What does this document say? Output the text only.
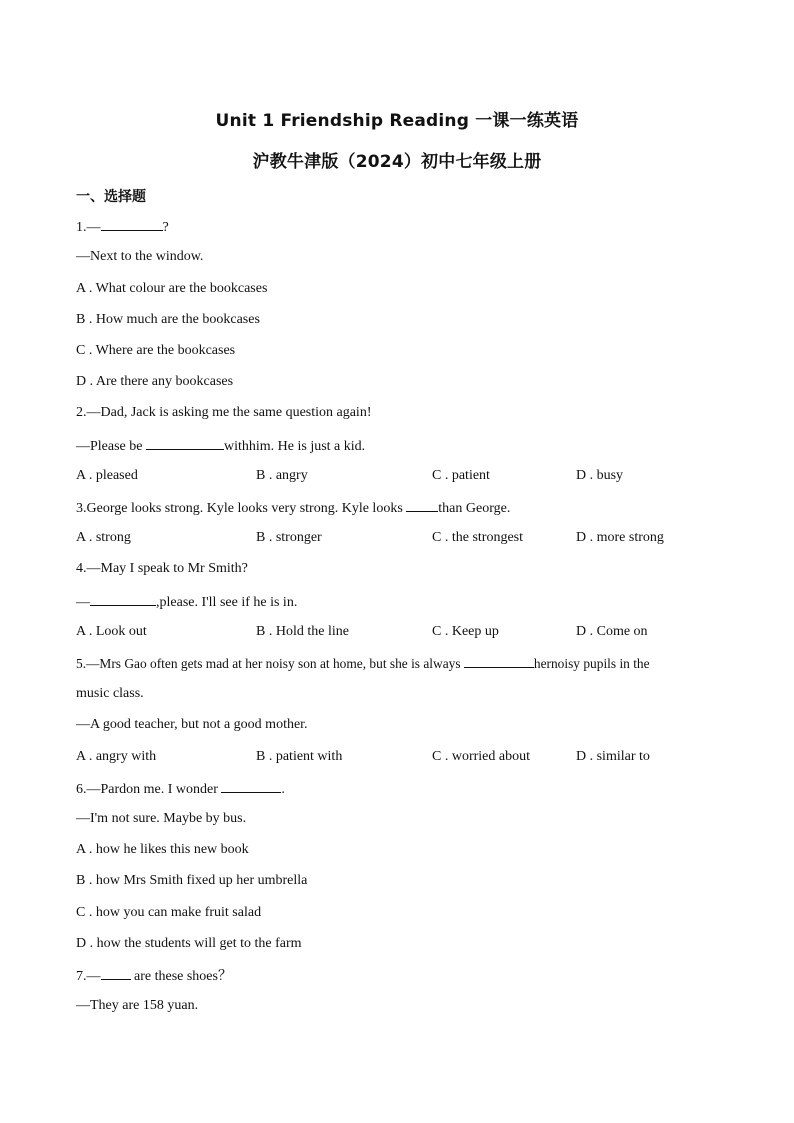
Unit 1 Friendship Reading 一课一练英语
沪教牛津版（2024）初中七年级上册
一、选择题
1.—	?
—Next to the window.
A . What colour are the bookcases
B . How much are the bookcases
C . Where are the bookcases
D . Are there any bookcases
2.—Dad, Jack is asking me the same question again!
—Please be	withhim. He is just a kid.
A . pleased	B . angry	C . patient	D . busy
3.George looks strong. Kyle looks very strong. Kyle looks than George.
A . strong	B . stronger	C . the strongest	D . more strong
4.—May I speak to Mr Smith?
—	,please. I'll see if he is in.
A . Look out	B . Hold the line	C . Keep up	D . Come on
5.—Mrs Gao often gets mad at her noisy son at home, but she is always	hernoisy pupils in the
music class.
—A good teacher, but not a good mother.
A . angry with	B . patient with	C . worried about	D . similar to
6.—Pardon me. I wonder	.
—I'm not sure. Maybe by bus.
A . how he likes this new book
B . how Mrs Smith fixed up her umbrella
C . how you can make fruit salad
D . how the students will get to the farm
7.— are these shoes？
—They are 158 yuan.
